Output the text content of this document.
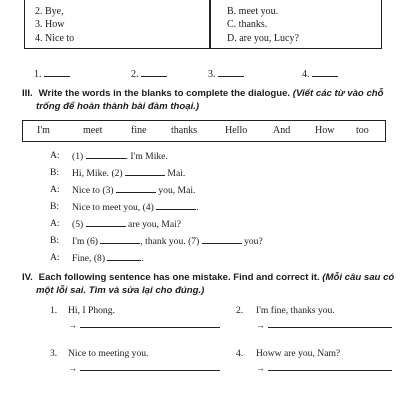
2. Bye,
3. How
4. Nice to
B. meet you.
C. thanks.
D. are you, Lucy?
1.	2.	3.	4.
III. Write the words in the blanks to complete the dialogue. (Viết các từ vào chỗ
trống để hoàn thành bài đàm thoại.)
I'm	meet	fine thanks	Hello	And How too
A: (1)	. I'm Mike.
B: Hi, Mike. (2)	Mai.
A: Nice to (3)	you, Mai.
B: Nice to meet you, (4)	.
A: (5)	are you, Mai?
B: I'm (6)	, thank you. (7)	you?
A: Fine, (8)	.
IV. Each following sentence has one mistake. Find and correct it. (Mỗi câu sau có
một lỗi sai. Tìm và sửa lại cho đúng.)
1. Hi, I Phong.
→
2. I'm fine, thanks you.
→
3. Nice to meeting you.
→
4. Howw are you, Nam?
→
